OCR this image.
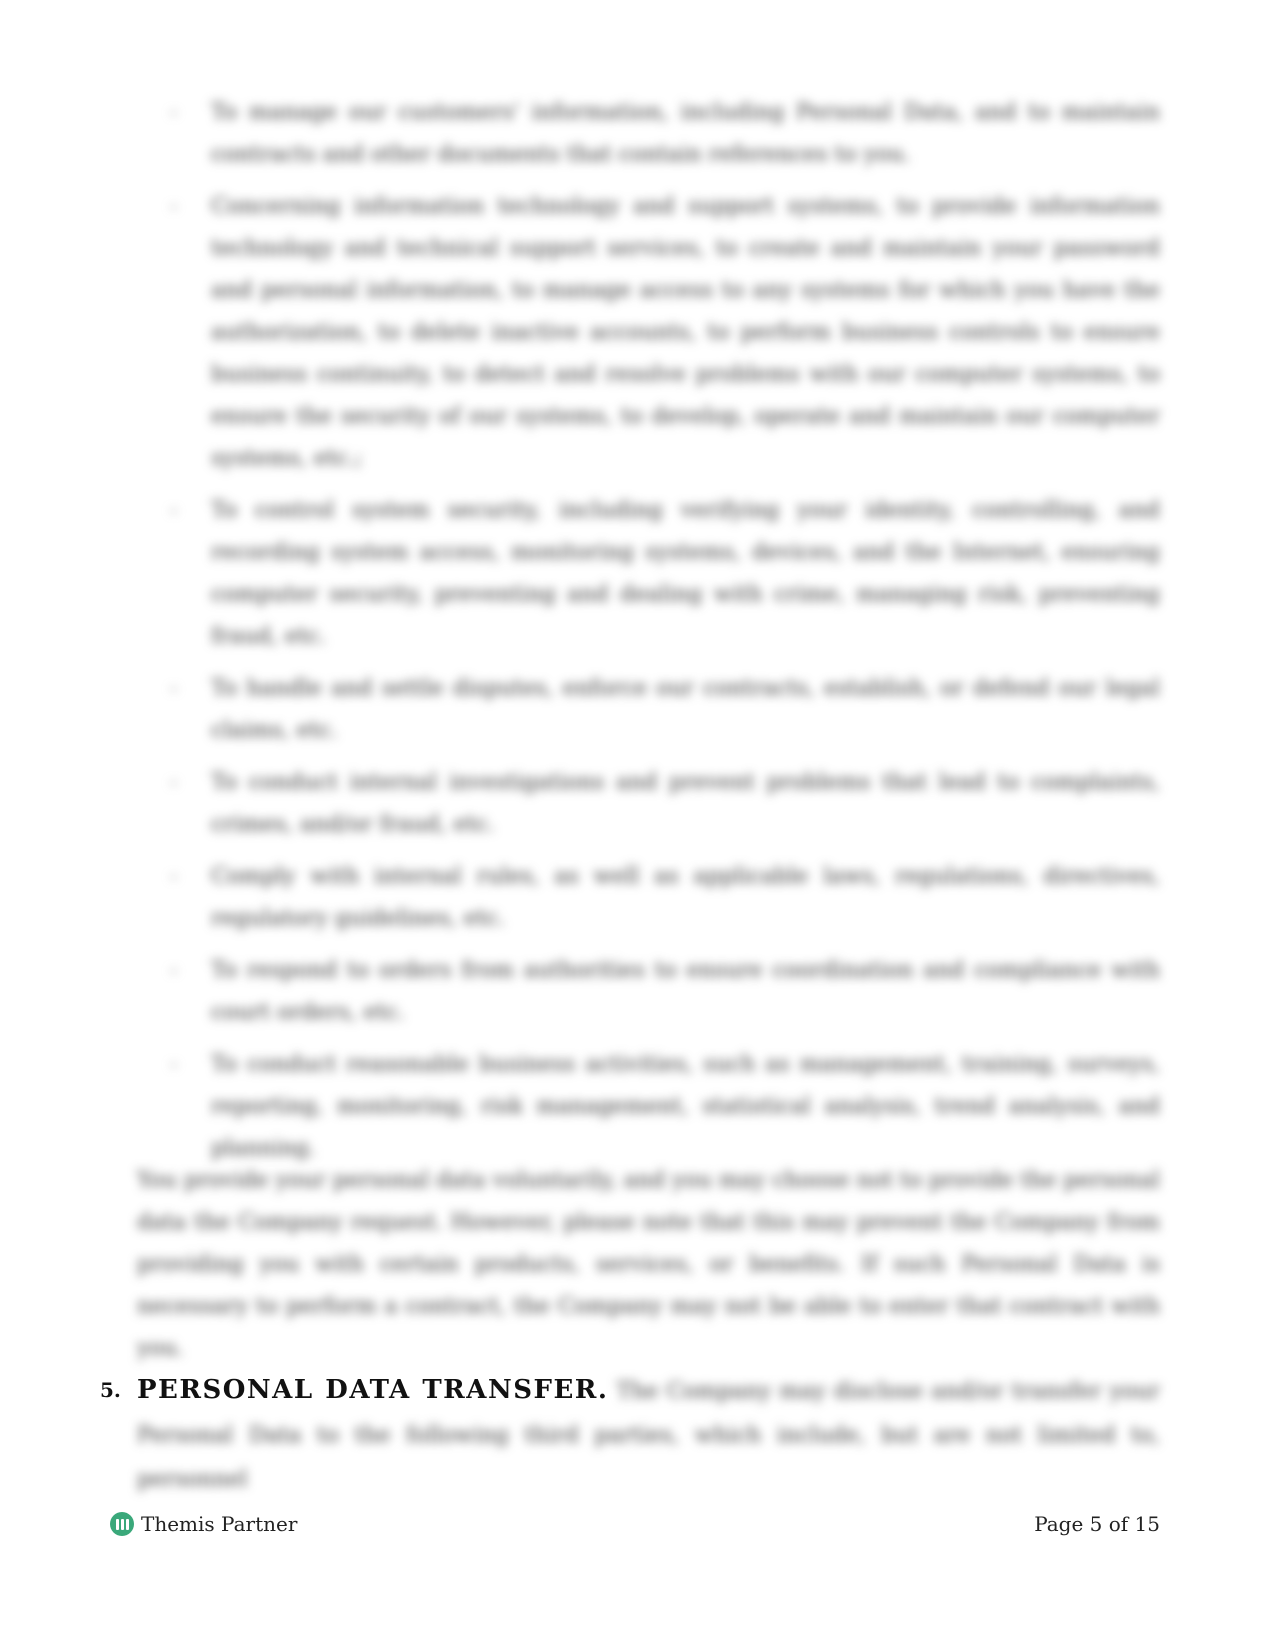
- To manage our customers' information, including Personal Data, and to maintain contracts and other documents that contain references to you.
- Concerning information technology and support systems, to provide information technology and technical support services, to create and maintain your password and personal information, to manage access to any systems for which you have the authorization, to delete inactive accounts, to perform business controls to ensure business continuity, to detect and resolve problems with our computer systems, to ensure the security of our systems, to develop, operate and maintain our computer systems, etc.;
- To control system security, including verifying your identity, controlling, and recording system access, monitoring systems, devices, and the Internet, ensuring computer security, preventing and dealing with crime, managing risk, preventing fraud, etc.
- To handle and settle disputes, enforce our contracts, establish, or defend our legal claims, etc.
- To conduct internal investigations and prevent problems that lead to complaints, crimes, and/or fraud, etc.
- Comply with internal rules, as well as applicable laws, regulations, directives, regulatory guidelines, etc.
- To respond to orders from authorities to ensure coordination and compliance with court orders, etc.
- To conduct reasonable business activities, such as management, training, surveys, reporting, monitoring, risk management, statistical analysis, trend analysis, and planning.

You provide your personal data voluntarily, and you may choose not to provide the personal data the Company request. However, please note that this may prevent the Company from providing you with certain products, services, or benefits. If such Personal Data is necessary to perform a contract, the Company may not be able to enter that contract with you.

5. PERSONAL DATA TRANSFER. The Company may disclose and/or transfer your Personal Data to the following third parties, which include, but are not limited to, personnel
Themis Partner	Page 5 of 15
